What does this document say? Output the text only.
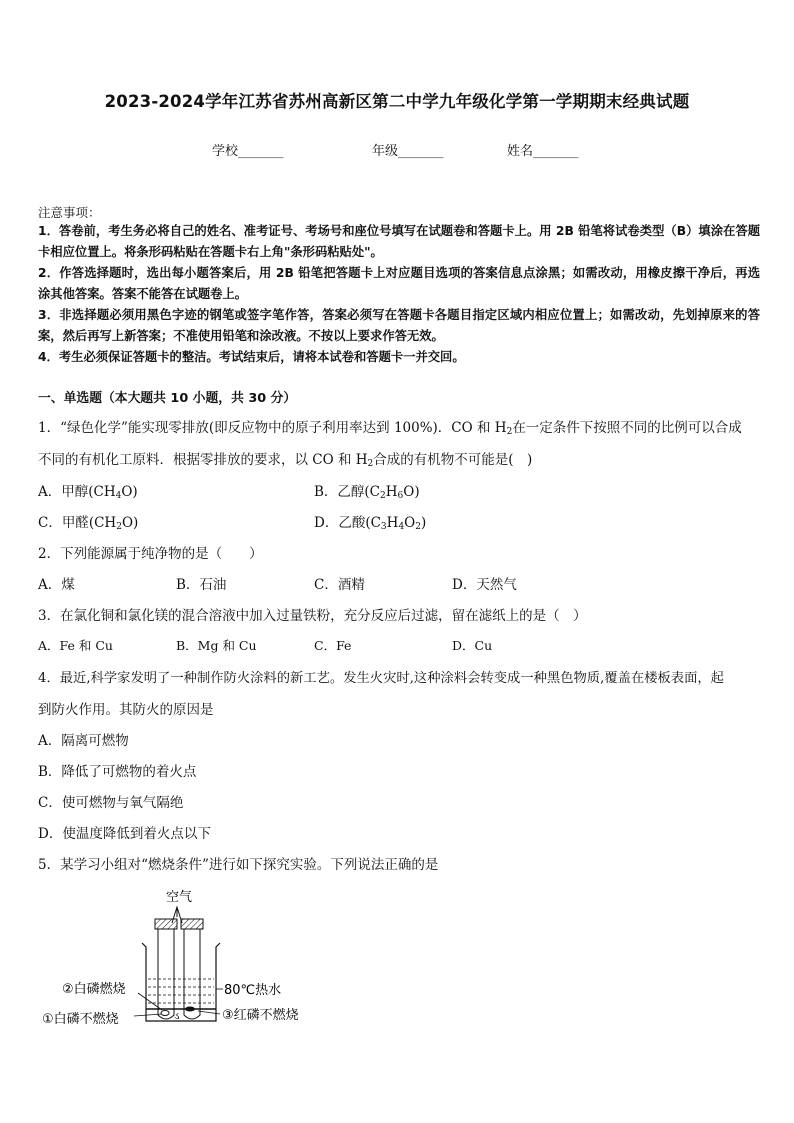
2023-2024学年江苏省苏州高新区第二中学九年级化学第一学期期末经典试题
学校_______	年级_______	姓名_______
注意事项：
1．答卷前，考生务必将自己的姓名、准考证号、考场号和座位号填写在试题卷和答题卡上。用 2B 铅笔将试卷类型（B）填涂在答题卡相应位置上。将条形码粘贴在答题卡右上角"条形码粘贴处"。
2．作答选择题时，选出每小题答案后，用 2B 铅笔把答题卡上对应题目选项的答案信息点涂黑；如需改动，用橡皮擦干净后，再选涂其他答案。答案不能答在试题卷上。
3．非选择题必须用黑色字迹的钢笔或签字笔作答，答案必须写在答题卡各题目指定区域内相应位置上；如需改动，先划掉原来的答案，然后再写上新答案；不准使用铅笔和涂改液。不按以上要求作答无效。
4．考生必须保证答题卡的整洁。考试结束后，请将本试卷和答题卡一并交回。
一、单选题（本大题共 10 小题，共 30 分）
1．“绿色化学”能实现零排放(即反应物中的原子利用率达到 100%)．CO 和 $H_2$在一定条件下按照不同的比例可以合成
不同的有机化工原料．根据零排放的要求，以 CO 和 $H_2$合成的有机物不可能是(　)
A．甲醇$(CH_4O)$	B．乙醇$(C_2H_6O)$
C．甲醛$(CH_2O)$	D．乙酸$(C_3H_4O_2)$
2．下列能源属于纯净物的是（　　）
A．煤	B．石油	C．酒精	D．天然气
3．在氯化铜和氯化镁的混合溶液中加入过量铁粉，充分反应后过滤，留在滤纸上的是（　）
A．Fe 和 Cu	B．Mg 和 Cu	C．Fe	D．Cu
4．最近,科学家发明了一种制作防火涂料的新工艺。发生火灾时,这种涂料会转变成一种黑色物质,覆盖在楼板表面，起
到防火作用。其防火的原因是
A．隔离可燃物
B．降低了可燃物的着火点
C．使可燃物与氧气隔绝
D．使温度降低到着火点以下
5．某学习小组对“燃烧条件”进行如下探究实验。下列说法正确的是
空气
ડ
②白磷燃烧
①白磷不燃烧
80℃热水
③红磷不燃烧
